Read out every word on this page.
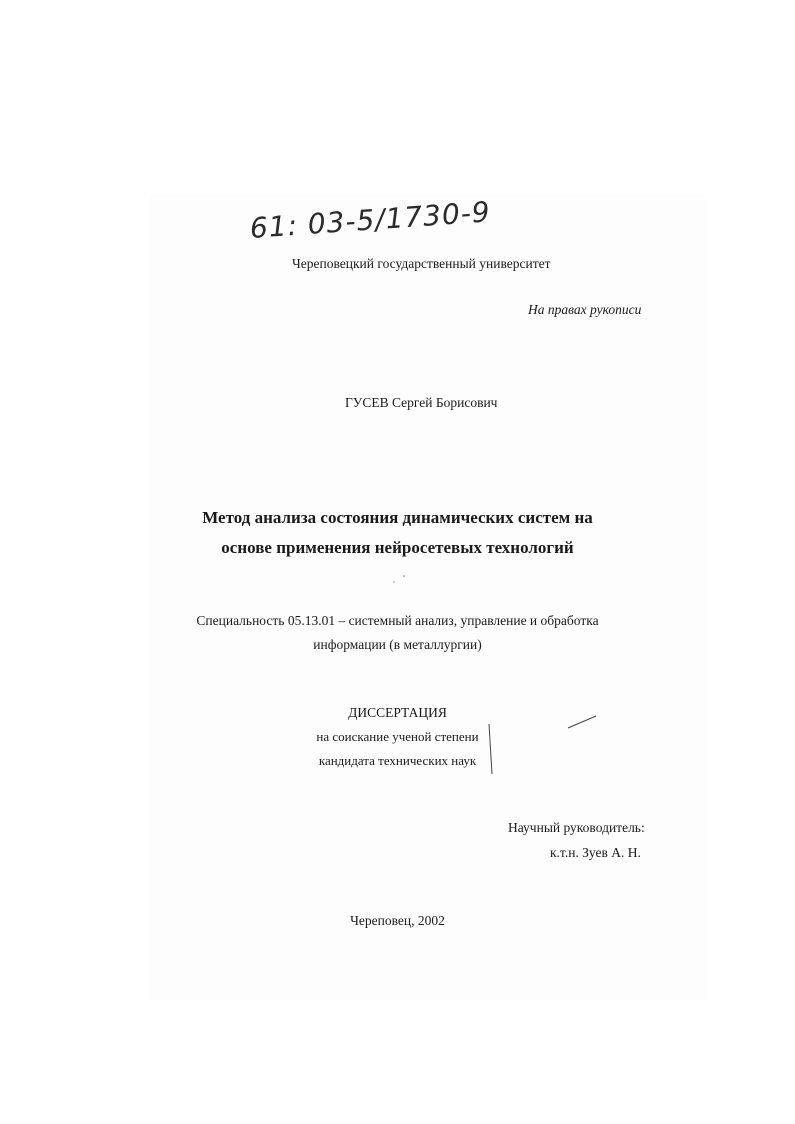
61: 03-5/1730-9
Череповецкий государственный университет
На правах рукописи
ГУСЕВ Сергей Борисович
Метод анализа состояния динамических систем на
основе применения нейросетевых технологий
Специальность 05.13.01 – системный анализ, управление и обработка
информации (в металлургии)
ДИССЕРТАЦИЯ
на соискание ученой степени
кандидата технических наук
Научный руководитель:
к.т.н. Зуев А. Н.
Череповец, 2002
